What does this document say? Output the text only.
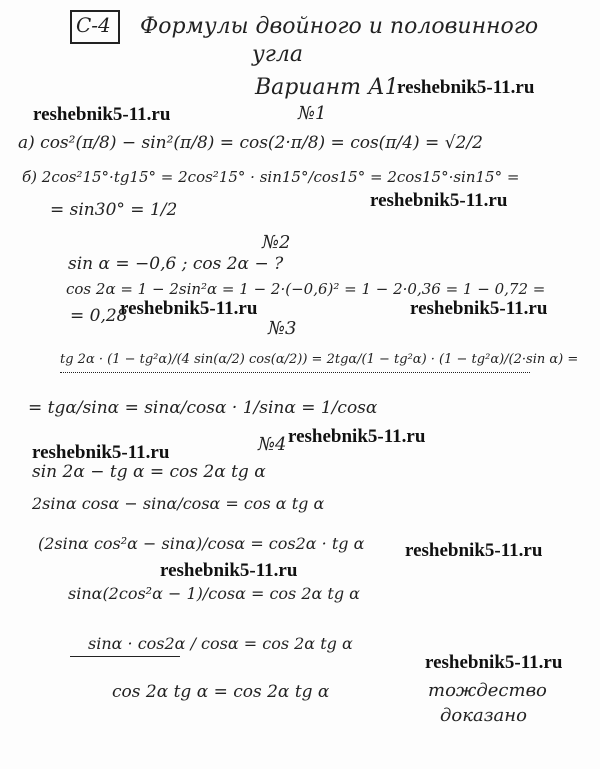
C-4 Формулы двойного и половинного
угла
Вариант А1
reshebnik5-11.ru
reshebnik5-11.ru
reshebnik5-11.ru
reshebnik5-11.ru	reshebnik5-11.ru
reshebnik5-11.ru
reshebnik5-11.ru
reshebnik5-11.ru
reshebnik5-11.ru
reshebnik5-11.ru
№1
а) cos²(π/8) − sin²(π/8) = cos(2·π/8) = cos(π/4) = √2/2
б) 2cos²15°·tg15° = 2cos²15° · sin15°/cos15° = 2cos15°·sin15° =
= sin30° = 1/2
№2
sin α = −0,6 ; cos 2α − ?
cos 2α = 1 − 2sin²α = 1 − 2·(−0,6)² = 1 − 2·0,36 = 1 − 0,72 =
= 0,28
№3
tg 2α · (1 − tg²α)/(4 sin(α/2) cos(α/2)) = 2tgα/(1 − tg²α) · (1 − tg²α)/(2·sin α) =
= tgα/sinα = sinα/cosα · 1/sinα = 1/cosα
№4
sin 2α − tg α = cos 2α tg α
2sinα cosα − sinα/cosα = cos α tg α
(2sinα cos²α − sinα)/cosα = cos2α · tg α
sinα(2cos²α − 1)/cosα = cos 2α tg α
sinα · cos2α / cosα = cos 2α tg α
cos 2α tg α = cos 2α tg α	тождество
доказано
